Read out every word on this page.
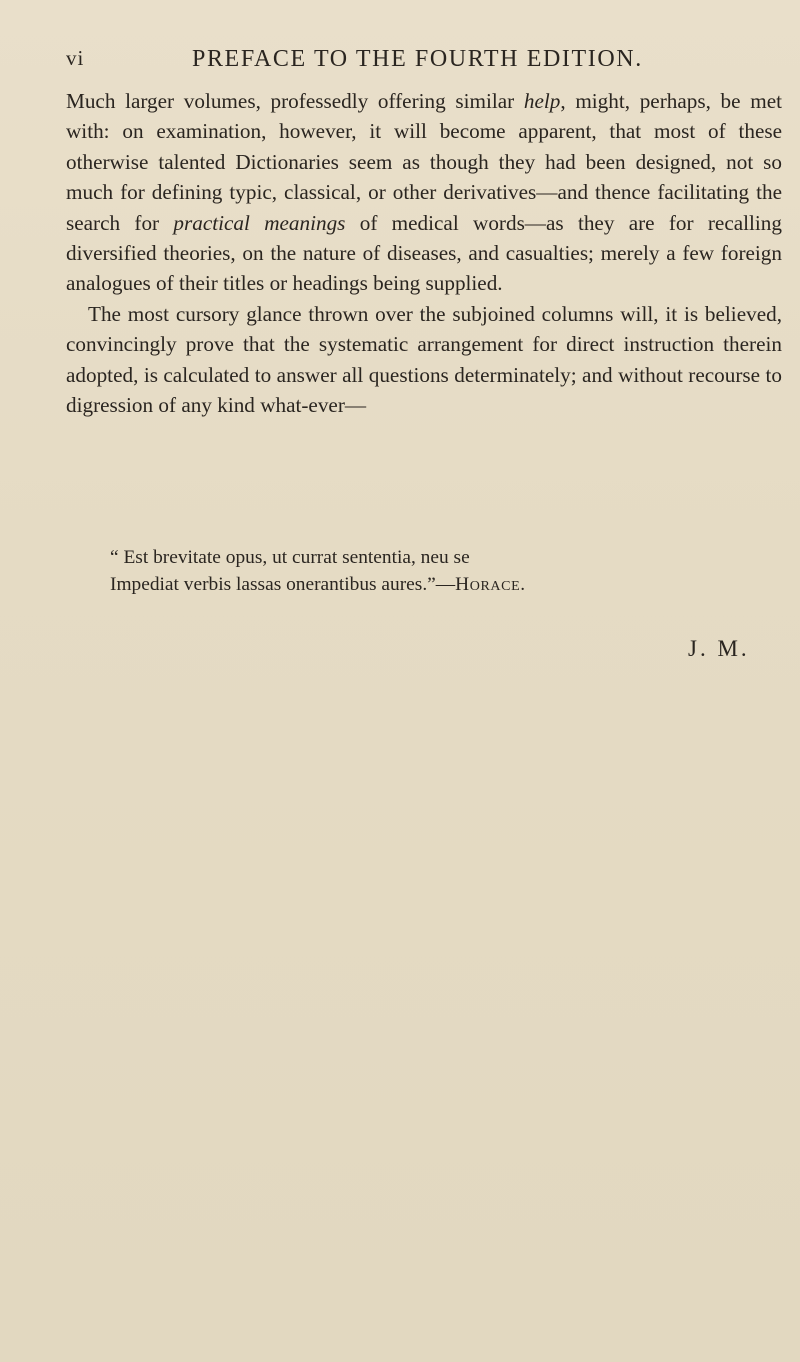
vi	PREFACE TO THE FOURTH EDITION.

Much larger volumes, professedly offering similar help, might, perhaps, be met with: on examination, however, it will become apparent, that most of these otherwise talented Dictionaries seem as though they had been designed, not so much for defining typic, classical, or other derivatives—and thence facilitating the search for practical meanings of medical words—as they are for recalling diversified theories, on the nature of diseases, and casualties; merely a few foreign analogues of their titles or headings being supplied.

The most cursory glance thrown over the subjoined columns will, it is believed, convincingly prove that the systematic arrangement for direct instruction therein adopted, is calculated to answer all questions determinately; and without recourse to digression of any kind what-ever—

“ Est brevitate opus, ut currat sententia, neu se
Impediat verbis lassas onerantibus aures.”—Horace.
J. M.
